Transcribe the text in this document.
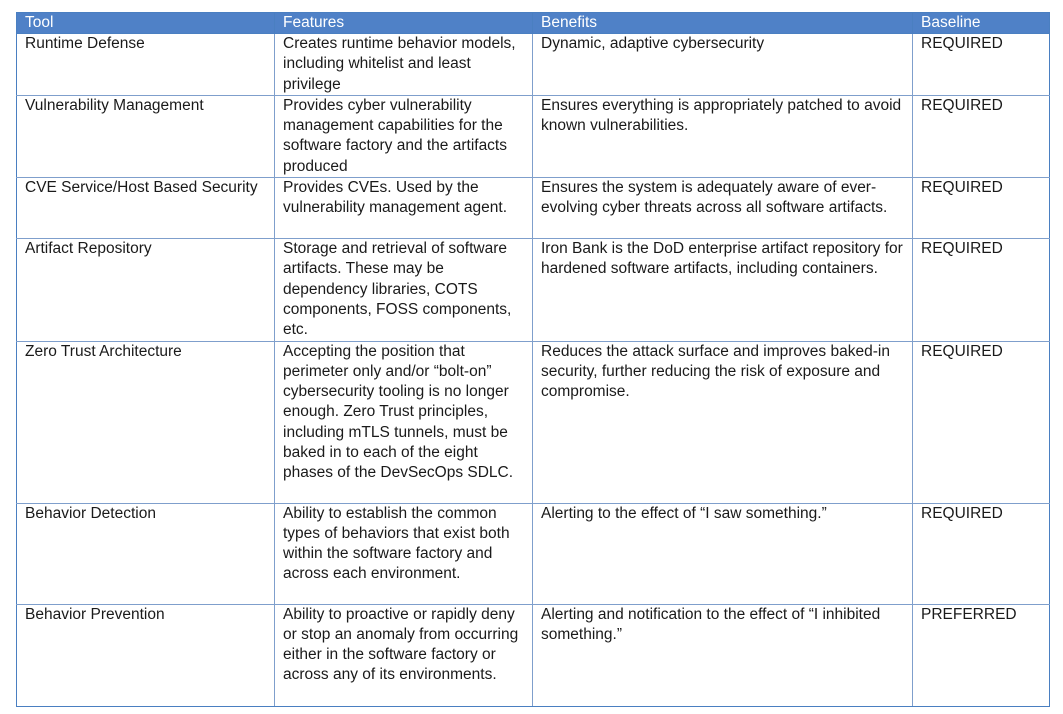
Tool	Features	Benefits	Baseline
Runtime Defense	Creates runtime behavior models, including whitelist and least privilege	Dynamic, adaptive cybersecurity	REQUIRED
Vulnerability Management	Provides cyber vulnerability management capabilities for the software factory and the artifacts produced	Ensures everything is appropriately patched to avoid known vulnerabilities.	REQUIRED
CVE Service/Host Based Security	Provides CVEs. Used by the vulnerability management agent.	Ensures the system is adequately aware of ever-evolving cyber threats across all software artifacts.	REQUIRED
Artifact Repository	Storage and retrieval of software artifacts. These may be dependency libraries, COTS components, FOSS components, etc.	Iron Bank is the DoD enterprise artifact repository for hardened software artifacts, including containers.	REQUIRED
Zero Trust Architecture	Accepting the position that perimeter only and/or “bolt-on” cybersecurity tooling is no longer enough. Zero Trust principles, including mTLS tunnels, must be baked in to each of the eight phases of the DevSecOps SDLC.	Reduces the attack surface and improves baked-in security, further reducing the risk of exposure and compromise.	REQUIRED
Behavior Detection	Ability to establish the common types of behaviors that exist both within the software factory and across each environment.	Alerting to the effect of “I saw something.”	REQUIRED
Behavior Prevention	Ability to proactive or rapidly deny or stop an anomaly from occurring either in the software factory or across any of its environments.	Alerting and notification to the effect of “I inhibited something.”	PREFERRED
